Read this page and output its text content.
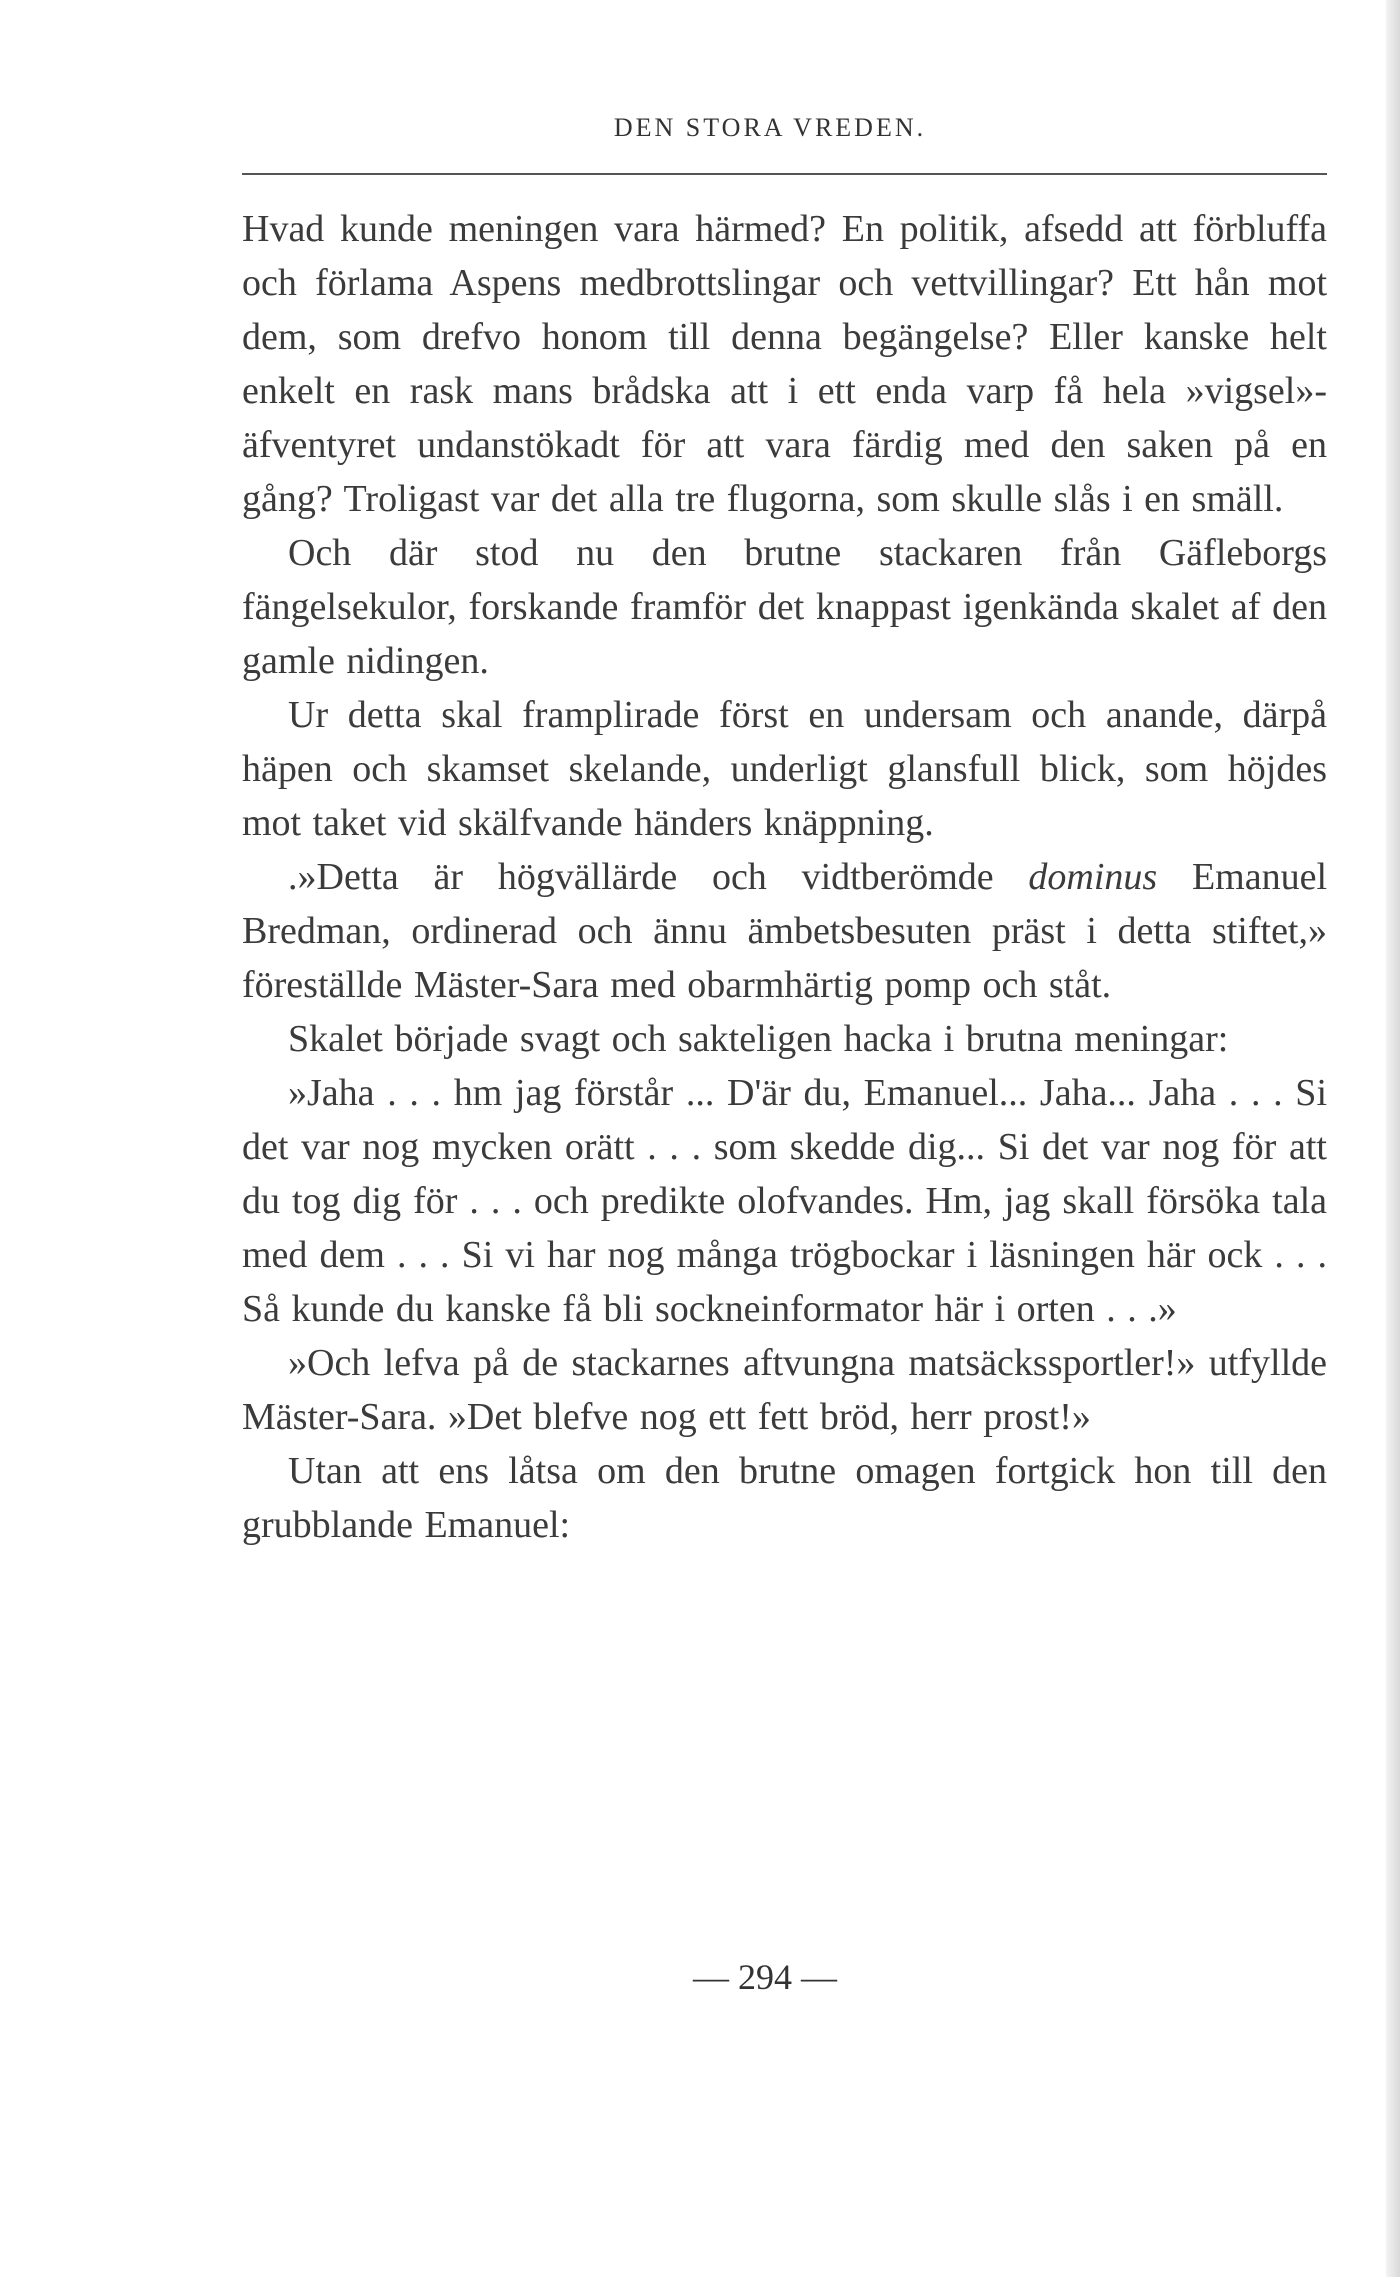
DEN STORA VREDEN.

Hvad kunde meningen vara härmed? En politik, afsedd att förbluffa och förlama Aspens medbrottslingar och vettvillingar? Ett hån mot dem, som drefvo honom till denna begängelse? Eller kanske helt enkelt en rask mans brådska att i ett enda varp få hela »vigsel»-äfventyret undanstökadt för att vara färdig med den saken på en gång? Troligast var det alla tre flugorna, som skulle slås i en smäll.

Och där stod nu den brutne stackaren från Gäfleborgs fängelsekulor, forskande framför det knappast igenkända skalet af den gamle nidingen.

Ur detta skal framplirade först en undersam och anande, därpå häpen och skamset skelande, underligt glansfull blick, som höjdes mot taket vid skälfvande händers knäppning.

.»Detta är högvällärde och vidtberömde dominus Emanuel Bredman, ordinerad och ännu ämbetsbesuten präst i detta stiftet,» föreställde Mäster-Sara med obarmhärtig pomp och ståt.

Skalet började svagt och sakteligen hacka i brutna meningar:

»Jaha . . . hm jag förstår ... D'är du, Emanuel... Jaha... Jaha . . . Si det var nog mycken orätt . . . som skedde dig... Si det var nog för att du tog dig för . . . och predikte olofvandes. Hm, jag skall försöka tala med dem . . . Si vi har nog många trögbockar i läsningen här ock . . . Så kunde du kanske få bli sockneinformator här i orten . . .»

»Och lefva på de stackarnes aftvungna matsäckssportler!» utfyllde Mäster-Sara. »Det blefve nog ett fett bröd, herr prost!»

Utan att ens låtsa om den brutne omagen fortgick hon till den grubblande Emanuel:

— 294 —
